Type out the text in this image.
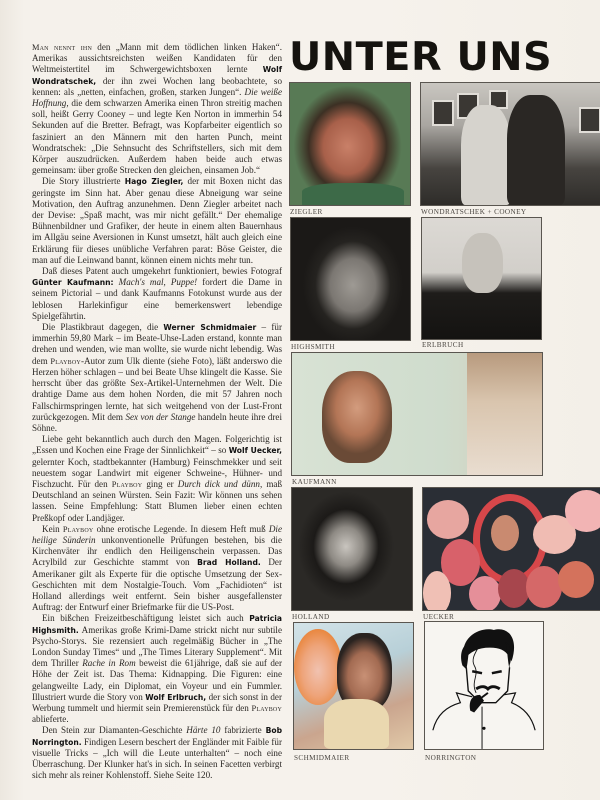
Man nennt ihn den „Mann mit dem tödlichen linken Haken“. Amerikas aussichtsreichsten weißen Kandidaten für den Weltmeistertitel im Schwergewichtsboxen lernte Wolf Wondratschek, der ihn zwei Wochen lang beobachtete, so kennen: als „netten, einfachen, großen, starken Jungen“. Die weiße Hoffnung, die dem schwarzen Amerika einen Thron streitig machen soll, heißt Gerry Cooney – und legte Ken Norton in immerhin 54 Sekunden auf die Bretter. Befragt, was Kopfarbeiter eigentlich so fasziniert an den Männern mit den harten Punch, meint Wondratschek: „Die Sehnsucht des Schriftstellers, sich mit dem Körper auszudrücken. Außerdem haben beide auch etwas gemeinsam: über große Strecken den gleichen, einsamen Job.“

Die Story illustrierte Hago Ziegler, der mit Boxen nicht das geringste im Sinn hat. Aber genau diese Abneigung war seine Motivation, den Auftrag anzunehmen. Denn Ziegler arbeitet nach der Devise: „Spaß macht, was mir nicht gefällt.“ Der ehemalige Bühnenbildner und Grafiker, der heute in einem alten Bauernhaus im Allgäu seine Aversionen in Kunst umsetzt, hält auch gleich eine Erklärung für dieses unübliche Verfahren parat: Böse Geister, die man auf die Leinwand bannt, können einem nichts mehr tun.

Daß dieses Patent auch umgekehrt funktioniert, bewies Fotograf Günter Kaufmann: Mach's mal, Puppe! fordert die Dame in seinem Pictorial – und dank Kaufmanns Fotokunst wurde aus der leblosen Harlekinfigur eine bemerkenswert lebendige Spielgefährtin.

Die Plastikbraut dagegen, die Werner Schmidmaier – für immerhin 59,80 Mark – im Beate-Uhse-Laden erstand, konnte man drehen und wenden, wie man wollte, sie wurde nicht lebendig. Was dem Playboy-Autor zum Ulk diente (siehe Foto), läßt anderswo die Herzen höher schlagen – und bei Beate Uhse klingelt die Kasse. Sie herrscht über das größte Sex-Artikel-Unternehmen der Welt. Die drahtige Dame aus dem hohen Norden, die mit 57 Jahren noch Fallschirmspringen lernte, hat sich weitgehend von der Lust-Front zurückgezogen. Mit dem Sex von der Stange handeln heute ihre drei Söhne.

Liebe geht bekanntlich auch durch den Magen. Folgerichtig ist „Essen und Kochen eine Frage der Sinnlichkeit“ – so Wolf Uecker, gelernter Koch, stadtbekannter (Hamburg) Feinschmekker und seit neuestem sogar Landwirt mit eigener Schweine-, Hühner- und Fischzucht. Für den Playboy ging er Durch dick und dünn, maß Deutschland an seinen Würsten. Sein Fazit: Wir können uns sehen lassen. Seine Empfehlung: Statt Blumen lieber einen echten Preßkopf oder Landjäger.

Kein Playboy ohne erotische Legende. In diesem Heft muß Die heilige Sünderin unkonventionelle Prüfungen bestehen, bis die Kirchenväter ihr endlich den Heiligenschein verpassen. Das Acrylbild zur Geschichte stammt von Brad Holland. Der Amerikaner gilt als Experte für die optische Umsetzung der Sex-Geschichten mit dem Nostalgie-Touch. Vom „Fachidioten“ ist Holland allerdings weit entfernt. Sein bisher ausgefallenster Auftrag: der Entwurf einer Briefmarke für die US-Post.

Ein bißchen Freizeitbeschäftigung leistet sich auch Patricia Highsmith. Amerikas große Krimi-Dame strickt nicht nur subtile Psycho-Storys. Sie rezensiert auch regelmäßig Bücher in „The London Sunday Times“ und „The Times Literary Supplement“. Mit dem Thriller Rache in Rom beweist die 61jährige, daß sie auf der Höhe der Zeit ist. Das Thema: Kidnapping. Die Figuren: eine gelangweilte Lady, ein Diplomat, ein Voyeur und ein Fummler. Illustriert wurde die Story von Wolf Erlbruch, der sich sonst in der Werbung tummelt und hiermit sein Premierenstück für den Playboy ablieferte.

Den Stein zur Diamanten-Geschichte Härte 10 fabrizierte Bob Norrington. Findigen Lesern beschert der Engländer mit Faible für visuelle Tricks – „Ich will die Leute unterhalten“ – noch eine Überraschung. Der Klunker hat's in sich. In seinen Facetten verbirgt sich mehr als reiner Kohlenstoff. Siehe Seite 120.

UNTER UNS
ZIEGLER	WONDRATSCHEK + COONEY
HIGHSMITH	ERLBRUCH
KAUFMANN
HOLLAND	UECKER
SCHMIDMAIER	NORRINGTON
